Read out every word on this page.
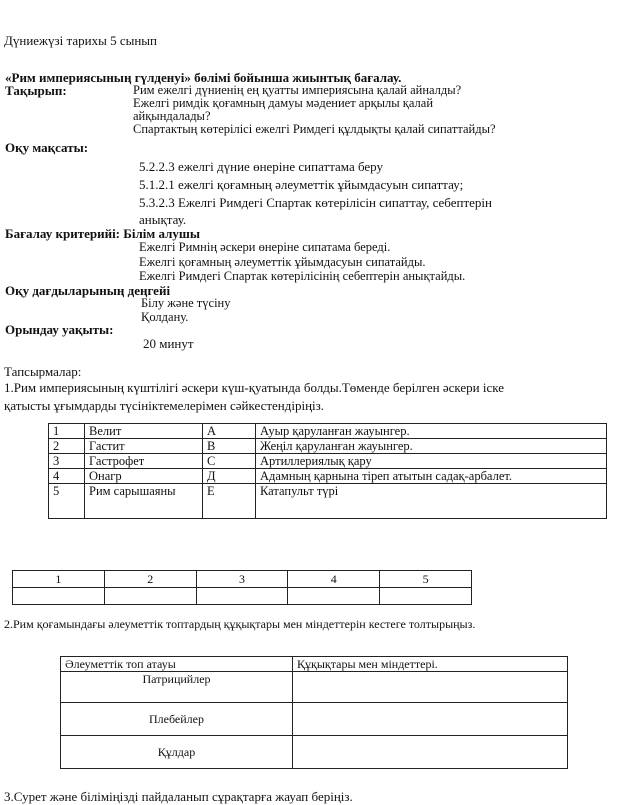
Дүниежүзі тарихы 5 сынып
«Рим империясының гүлденуі» бөлімі бойынша жиынтық бағалау.
Тақырып:	Рим ежелгі дүниенің ең қуатты империясына қалай айналды?
Ежелгі римдік қоғамның дамуы мәдениет арқылы қалай
айқындалады?
Спартактың көтерілісі ежелгі Римдегі құлдықты қалай сипаттайды?
Оқу мақсаты:
5.2.2.3 ежелгі дүние өнеріне сипаттама беру
5.1.2.1 ежелгі қоғамның әлеуметтік ұйымдасуын сипаттау;
5.3.2.3 Ежелгі Римдегі Спартак көтерілісін сипаттау, себептерін
анықтау.
Бағалау критерийі: Білім алушы
Ежелгі Римнің әскери өнеріне сипатама береді.
Ежелгі қоғамның әлеуметтік ұйымдасуын сипатайды.
Ежелгі Римдегі Спартак көтерілісінің себептерін анықтайды.
Оқу дағдыларының деңгейі
Білу және түсіну
Қолдану.
Орындау уақыты:
20 минут
Тапсырмалар:
1.Рим империясының күштілігі әскери күш-қуатында болды.Төменде берілген әскери іске
қатысты ұғымдарды түсініктемелерімен сәйкестендіріңіз.
1	Велит	А	Ауыр қаруланған жауынгер.
2	Гастит	В	Жеңіл қаруланған жауынгер.
3	Гастрофет	С	Артиллериялық қару
4	Онагр	Д	Адамның қарнына тіреп атытын садақ-арбалет.
5	Рим сарышаяны	Е	Катапульт түрі
1	2	3	4	5

2.Рим қоғамындағы әлеуметтік топтардың құқықтары мен міндеттерін кестеге толтырыңыз.
Әлеуметтік топ атауы	Құқықтары мен міндеттері.
Патрицийлер	
Плебейлер	
Құлдар	
3.Сурет және біліміңізді пайдаланып сұрақтарға жауап беріңіз.
